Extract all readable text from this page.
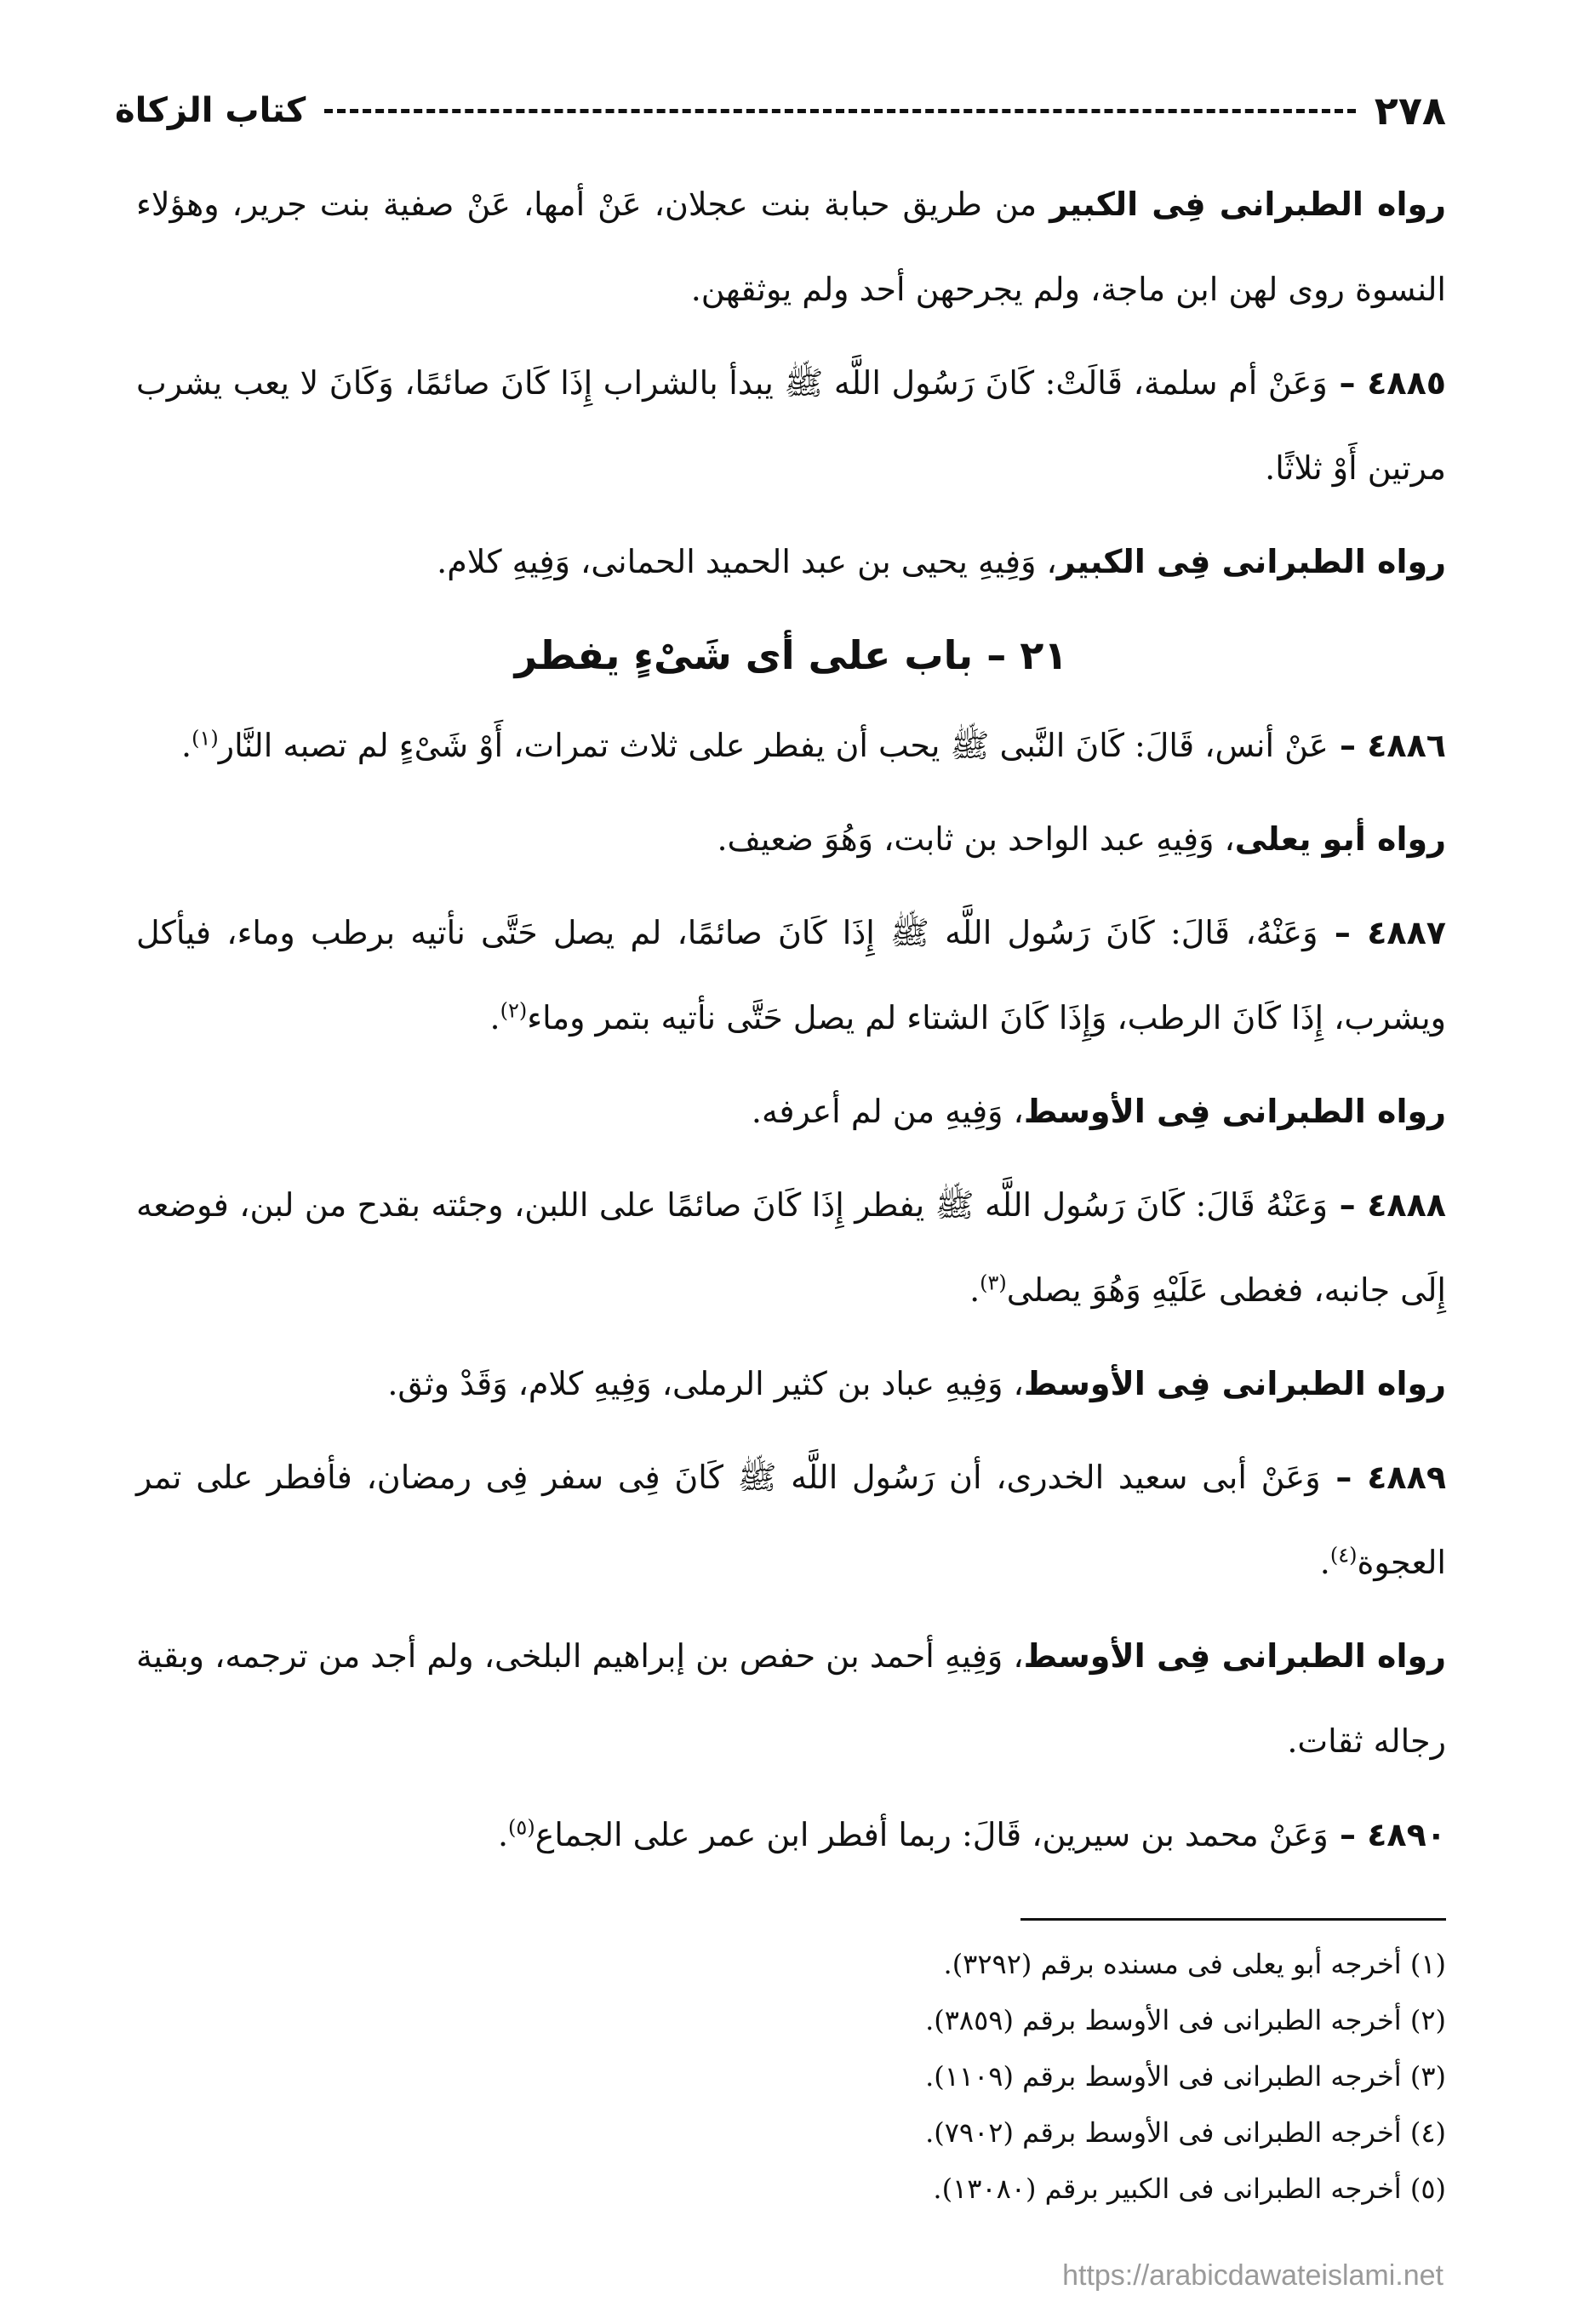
كتاب الزكاة	٢٧٨

رواه الطبرانى فِى الكبير من طريق حبابة بنت عجلان، عَنْ أمها، عَنْ صفية بنت جرير، وهؤلاء النسوة روى لهن ابن ماجة، ولم يجرحهن أحد ولم يوثقهن.

٤٨٨٥ – وَعَنْ أم سلمة، قَالَتْ: كَانَ رَسُول اللَّه ﷺ يبدأ بالشراب إِذَا كَانَ صائمًا، وَكَانَ لا يعب يشرب مرتين أَوْ ثلاثًا.

رواه الطبرانى فِى الكبير، وَفِيهِ يحيى بن عبد الحميد الحمانى، وَفِيهِ كلام.

٢١ – باب على أى شَىْءٍ يفطر

٤٨٨٦ – عَنْ أنس، قَالَ: كَانَ النَّبى ﷺ يحب أن يفطر على ثلاث تمرات، أَوْ شَىْءٍ لم تصبه النَّار$^{(١)}$.

رواه أبو يعلى، وَفِيهِ عبد الواحد بن ثابت، وَهُوَ ضعيف.

٤٨٨٧ – وَعَنْهُ، قَالَ: كَانَ رَسُول اللَّه ﷺ إِذَا كَانَ صائمًا، لم يصل حَتَّى نأتيه برطب وماء، فيأكل ويشرب، إِذَا كَانَ الرطب، وَإِذَا كَانَ الشتاء لم يصل حَتَّى نأتيه بتمر وماء$^{(٢)}$.

رواه الطبرانى فِى الأوسط، وَفِيهِ من لم أعرفه.

٤٨٨٨ – وَعَنْهُ قَالَ: كَانَ رَسُول اللَّه ﷺ يفطر إِذَا كَانَ صائمًا على اللبن، وجئته بقدح من لبن، فوضعه إِلَى جانبه، فغطى عَلَيْهِ وَهُوَ يصلى$^{(٣)}$.

رواه الطبرانى فِى الأوسط، وَفِيهِ عباد بن كثير الرملى، وَفِيهِ كلام، وَقَدْ وثق.

٤٨٨٩ – وَعَنْ أبى سعيد الخدرى، أن رَسُول اللَّه ﷺ كَانَ فِى سفر فِى رمضان، فأفطر على تمر العجوة$^{(٤)}$.

رواه الطبرانى فِى الأوسط، وَفِيهِ أحمد بن حفص بن إبراهيم البلخى، ولم أجد من ترجمه، وبقية رجاله ثقات.

٤٨٩٠ – وَعَنْ محمد بن سيرين، قَالَ: ربما أفطر ابن عمر على الجماع$^{(٥)}$.

(١) أخرجه أبو يعلى فى مسنده برقم (٣٢٩٢).
(٢) أخرجه الطبرانى فى الأوسط برقم (٣٨٥٩).
(٣) أخرجه الطبرانى فى الأوسط برقم (١١٠٩).
(٤) أخرجه الطبرانى فى الأوسط برقم (٧٩٠٢).
(٥) أخرجه الطبرانى فى الكبير برقم (١٣٠٨٠).
https://arabicdawateislami.net
